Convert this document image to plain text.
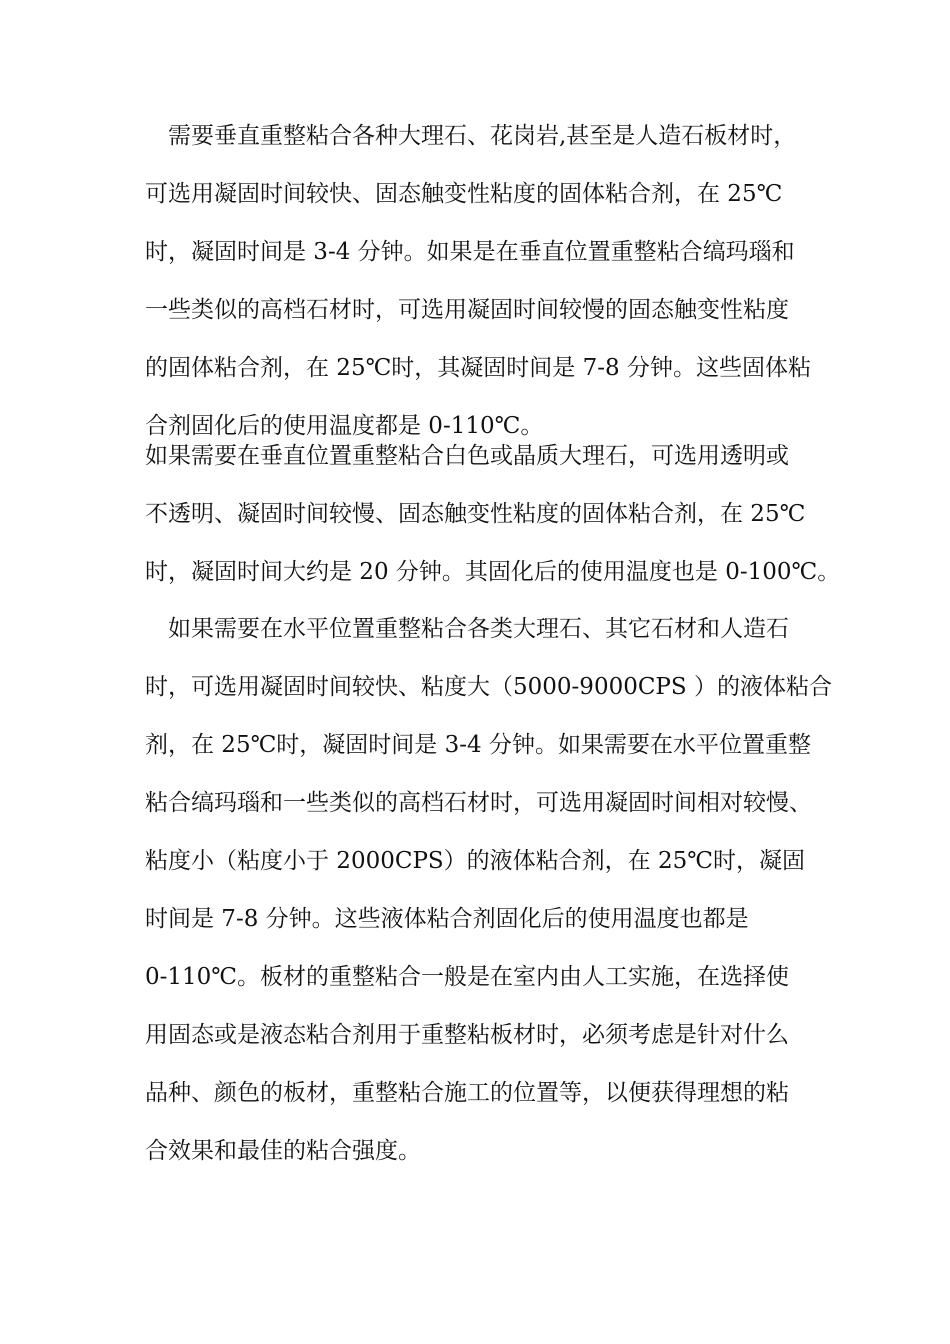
　需要垂直重整粘合各种大理石、花岗岩,甚至是人造石板材时，
可选用凝固时间较快、固态触变性粘度的固体粘合剂，在 25℃
时，凝固时间是 3-4 分钟。如果是在垂直位置重整粘合缟玛瑙和
一些类似的高档石材时，可选用凝固时间较慢的固态触变性粘度
的固体粘合剂，在 25℃时，其凝固时间是 7-8 分钟。这些固体粘
合剂固化后的使用温度都是 0-110℃。
如果需要在垂直位置重整粘合白色或晶质大理石，可选用透明或
不透明、凝固时间较慢、固态触变性粘度的固体粘合剂，在 25℃
时，凝固时间大约是 20 分钟。其固化后的使用温度也是 0-100℃。
　如果需要在水平位置重整粘合各类大理石、其它石材和人造石
时，可选用凝固时间较快、粘度大（5000-9000CPS ）的液体粘合
剂，在 25℃时，凝固时间是 3-4 分钟。如果需要在水平位置重整
粘合缟玛瑙和一些类似的高档石材时，可选用凝固时间相对较慢、
粘度小（粘度小于 2000CPS）的液体粘合剂，在 25℃时，凝固
时间是 7-8 分钟。这些液体粘合剂固化后的使用温度也都是
0-110℃。板材的重整粘合一般是在室内由人工实施，在选择使
用固态或是液态粘合剂用于重整粘板材时，必须考虑是针对什么
品种、颜色的板材，重整粘合施工的位置等，以便获得理想的粘
合效果和最佳的粘合强度。
